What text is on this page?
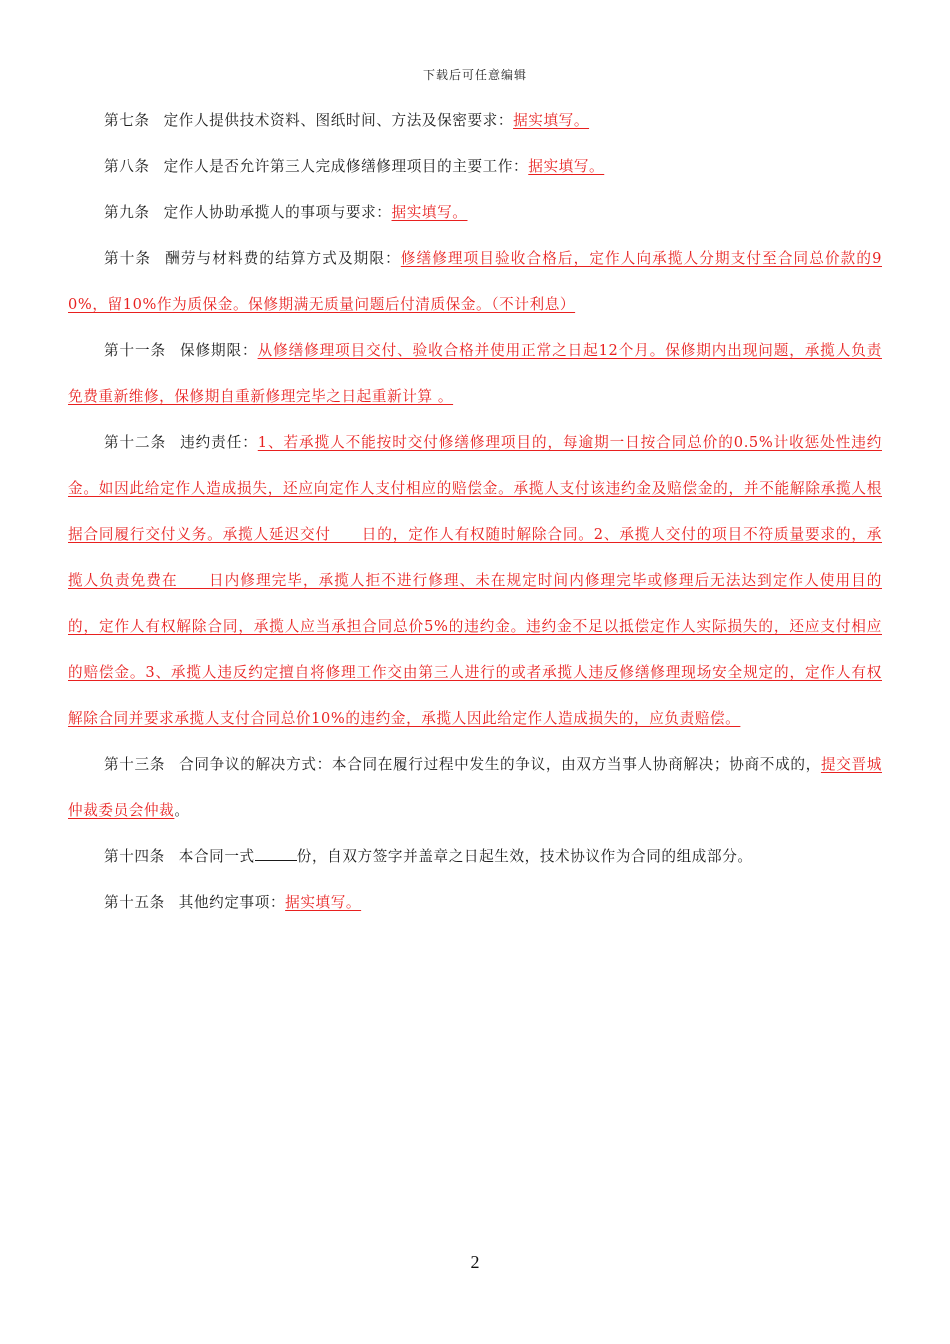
下载后可任意编辑

第七条 定作人提供技术资料、图纸时间、方法及保密要求：据实填写。

第八条 定作人是否允许第三人完成修缮修理项目的主要工作：据实填写。

第九条 定作人协助承揽人的事项与要求：据实填写。

第十条 酬劳与材料费的结算方式及期限：修缮修理项目验收合格后，定作人向承揽人分期支付至合同总价款的90%，留10%作为质保金。保修期满无质量问题后付清质保金。（不计利息）

第十一条 保修期限：从修缮修理项目交付、验收合格并使用正常之日起12个月。保修期内出现问题，承揽人负责免费重新维修，保修期自重新修理完毕之日起重新计算 。

第十二条 违约责任：1、若承揽人不能按时交付修缮修理项目的，每逾期一日按合同总价的0.5%计收惩处性违约金。如因此给定作人造成损失，还应向定作人支付相应的赔偿金。承揽人支付该违约金及赔偿金的，并不能解除承揽人根据合同履行交付义务。承揽人延迟交付　　日的，定作人有权随时解除合同。2、承揽人交付的项目不符质量要求的，承揽人负责免费在　　日内修理完毕，承揽人拒不进行修理、未在规定时间内修理完毕或修理后无法达到定作人使用目的的，定作人有权解除合同，承揽人应当承担合同总价5%的违约金。违约金不足以抵偿定作人实际损失的，还应支付相应的赔偿金。3、承揽人违反约定擅自将修理工作交由第三人进行的或者承揽人违反修缮修理现场安全规定的，定作人有权解除合同并要求承揽人支付合同总价10%的违约金，承揽人因此给定作人造成损失的，应负责赔偿。

第十三条 合同争议的解决方式：本合同在履行过程中发生的争议，由双方当事人协商解决；协商不成的，提交晋城仲裁委员会仲裁。

第十四条 本合同一式	份，自双方签字并盖章之日起生效，技术协议作为合同的组成部分。

第十五条 其他约定事项：据实填写。

2
